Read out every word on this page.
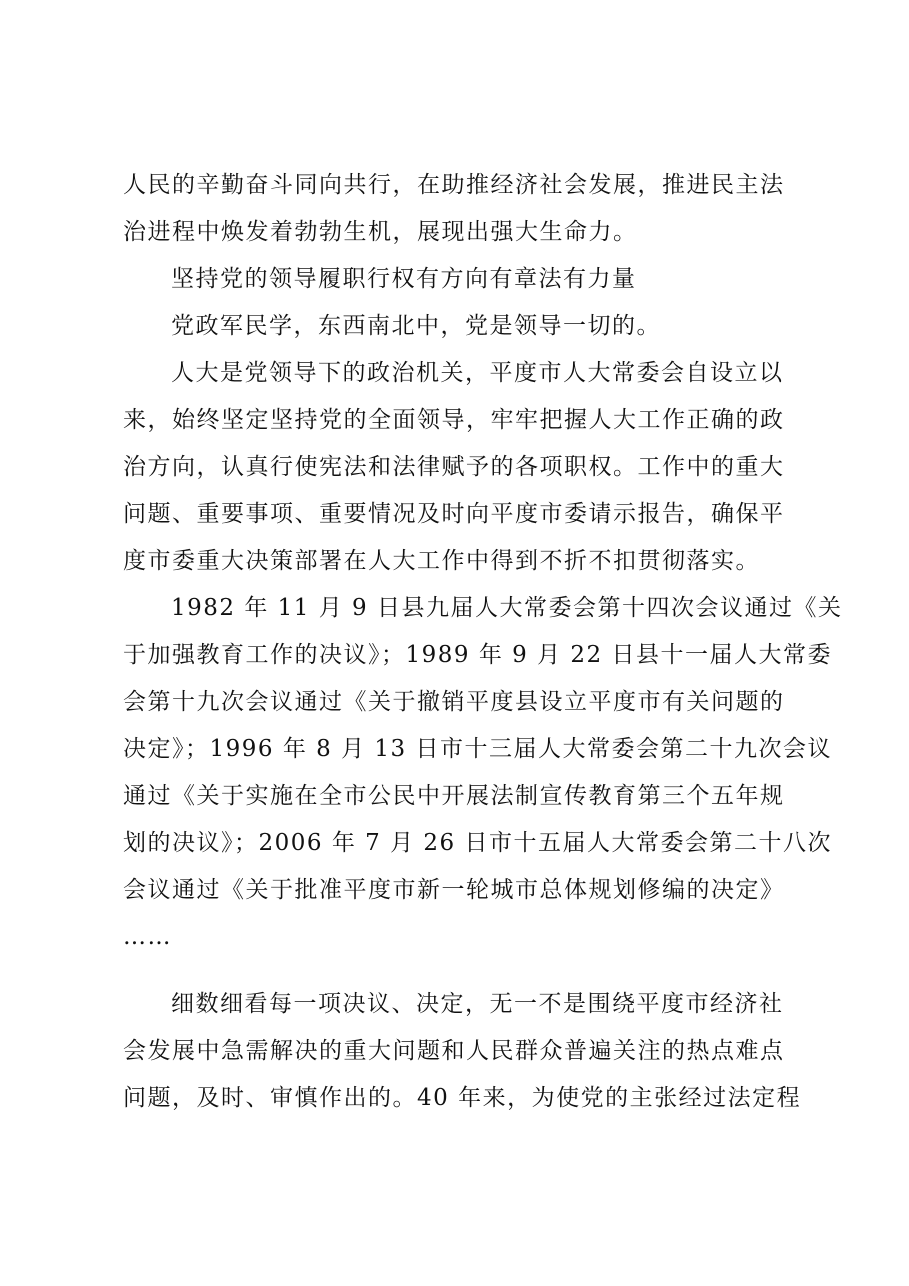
人民的辛勤奋斗同向共行，在助推经济社会发展，推进民主法
治进程中焕发着勃勃生机，展现出强大生命力。
坚持党的领导履职行权有方向有章法有力量
党政军民学，东西南北中，党是领导一切的。
人大是党领导下的政治机关，平度市人大常委会自设立以
来，始终坚定坚持党的全面领导，牢牢把握人大工作正确的政
治方向，认真行使宪法和法律赋予的各项职权。工作中的重大
问题、重要事项、重要情况及时向平度市委请示报告，确保平
度市委重大决策部署在人大工作中得到不折不扣贯彻落实。
1982 年 11 月 9 日县九届人大常委会第十四次会议通过《关
于加强教育工作的决议》；1989 年 9 月 22 日县十一届人大常委
会第十九次会议通过《关于撤销平度县设立平度市有关问题的
决定》；1996 年 8 月 13 日市十三届人大常委会第二十九次会议
通过《关于实施在全市公民中开展法制宣传教育第三个五年规
划的决议》；2006 年 7 月 26 日市十五届人大常委会第二十八次
会议通过《关于批准平度市新一轮城市总体规划修编的决定》
……
细数细看每一项决议、决定，无一不是围绕平度市经济社
会发展中急需解决的重大问题和人民群众普遍关注的热点难点
问题，及时、审慎作出的。40 年来，为使党的主张经过法定程
